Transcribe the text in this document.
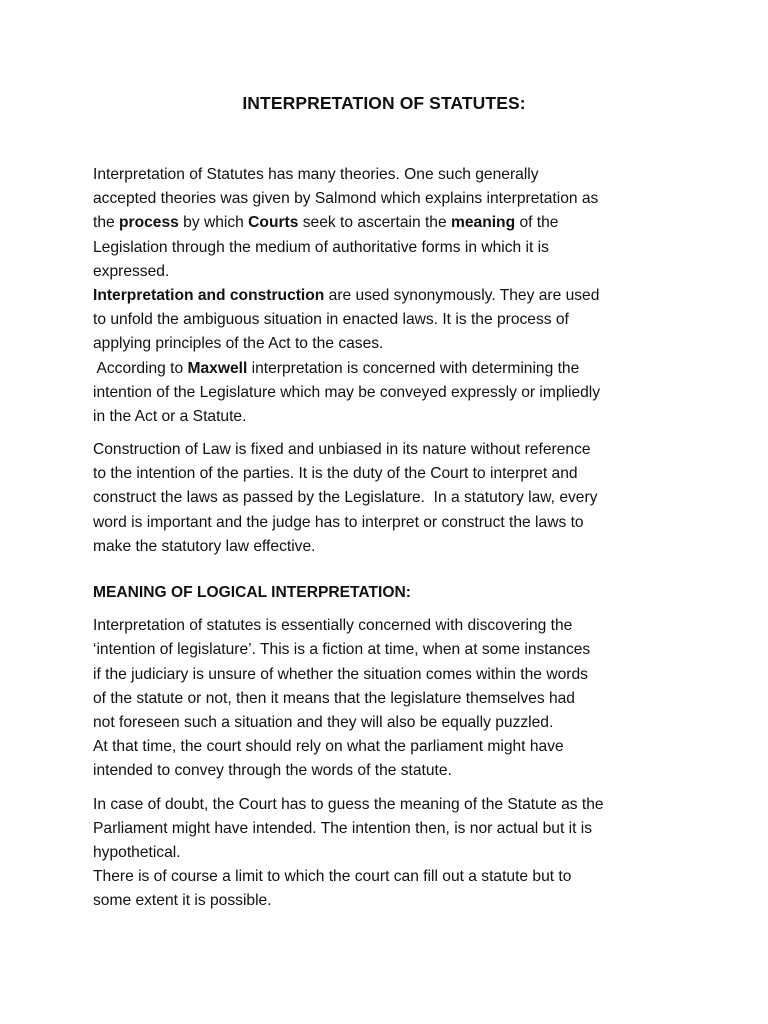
INTERPRETATION OF STATUTES:
Interpretation of Statutes has many theories. One such generally
accepted theories was given by Salmond which explains interpretation as
the process by which Courts seek to ascertain the meaning of the
Legislation through the medium of authoritative forms in which it is
expressed.
Interpretation and construction are used synonymously. They are used
to unfold the ambiguous situation in enacted laws. It is the process of
applying principles of the Act to the cases.
According to Maxwell interpretation is concerned with determining the
intention of the Legislature which may be conveyed expressly or impliedly
in the Act or a Statute.
Construction of Law is fixed and unbiased in its nature without reference
to the intention of the parties. It is the duty of the Court to interpret and
construct the laws as passed by the Legislature.  In a statutory law, every
word is important and the judge has to interpret or construct the laws to
make the statutory law effective.
MEANING OF LOGICAL INTERPRETATION:
Interpretation of statutes is essentially concerned with discovering the
‘intention of legislature’. This is a fiction at time, when at some instances
if the judiciary is unsure of whether the situation comes within the words
of the statute or not, then it means that the legislature themselves had
not foreseen such a situation and they will also be equally puzzled.
At that time, the court should rely on what the parliament might have
intended to convey through the words of the statute.
In case of doubt, the Court has to guess the meaning of the Statute as the
Parliament might have intended. The intention then, is nor actual but it is
hypothetical.
There is of course a limit to which the court can fill out a statute but to
some extent it is possible.
